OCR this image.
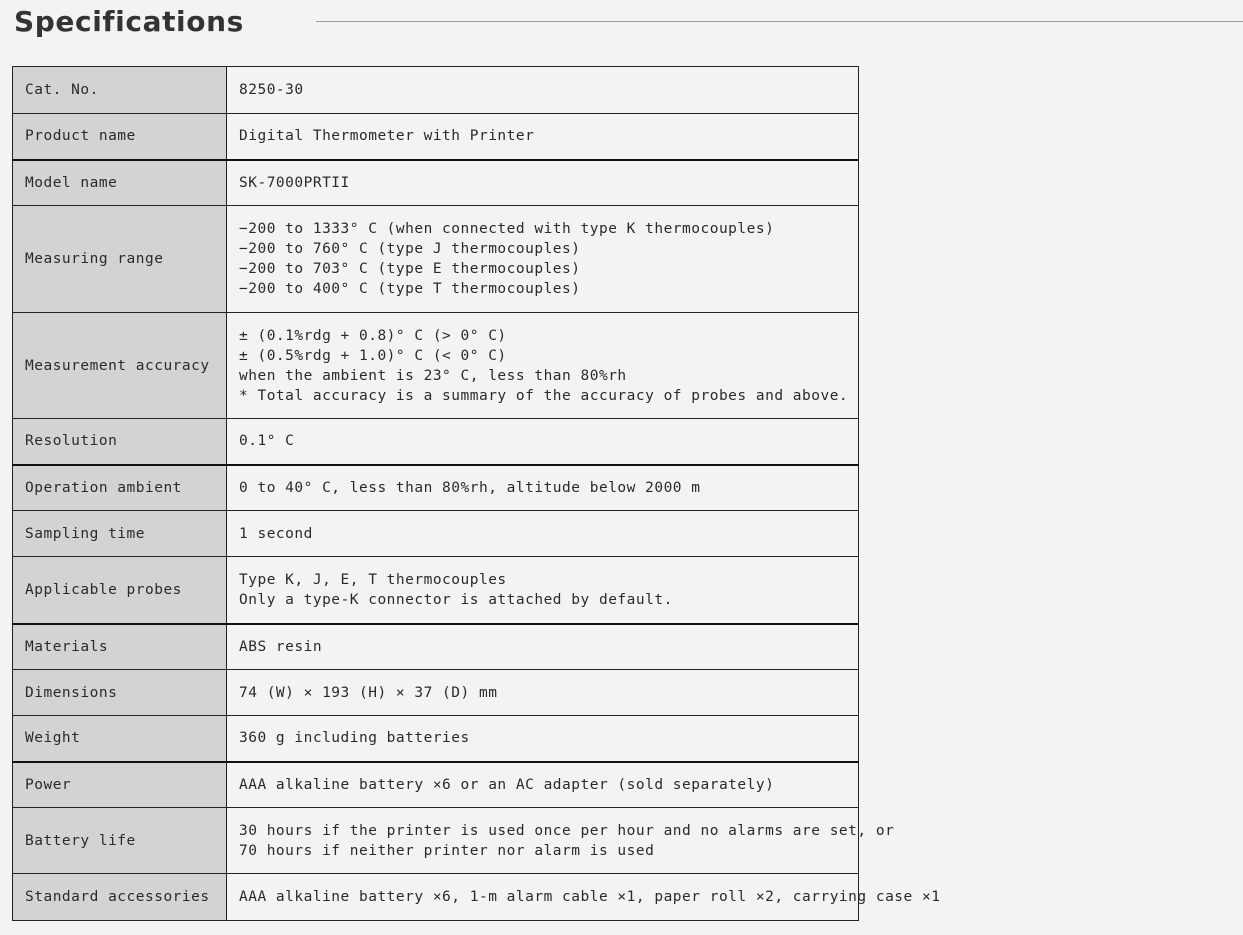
Specifications
Cat. No.	8250-30

Product name	Digital Thermometer with Printer

Model name	SK-7000PRTII

Measuring range	−200 to 1333° C (when connected with type K thermocouples)
−200 to 760° C (type J thermocouples)
−200 to 703° C (type E thermocouples)
−200 to 400° C (type T thermocouples)

Measurement accuracy	± (0.1%rdg + 0.8)° C (> 0° C)
± (0.5%rdg + 1.0)° C (< 0° C)
when the ambient is 23° C, less than 80%rh
* Total accuracy is a summary of the accuracy of probes and above.

Resolution	0.1° C

Operation ambient	0 to 40° C, less than 80%rh, altitude below 2000 m

Sampling time	1 second

Applicable probes	Type K, J, E, T thermocouples
Only a type-K connector is attached by default.

Materials	ABS resin

Dimensions	74 (W) × 193 (H) × 37 (D) mm

Weight	360 g including batteries

Power	AAA alkaline battery ×6 or an AC adapter (sold separately)

Battery life	30 hours if the printer is used once per hour and no alarms are set, or
70 hours if neither printer nor alarm is used

Standard accessories	AAA alkaline battery ×6, 1-m alarm cable ×1, paper roll ×2, carrying case ×1
